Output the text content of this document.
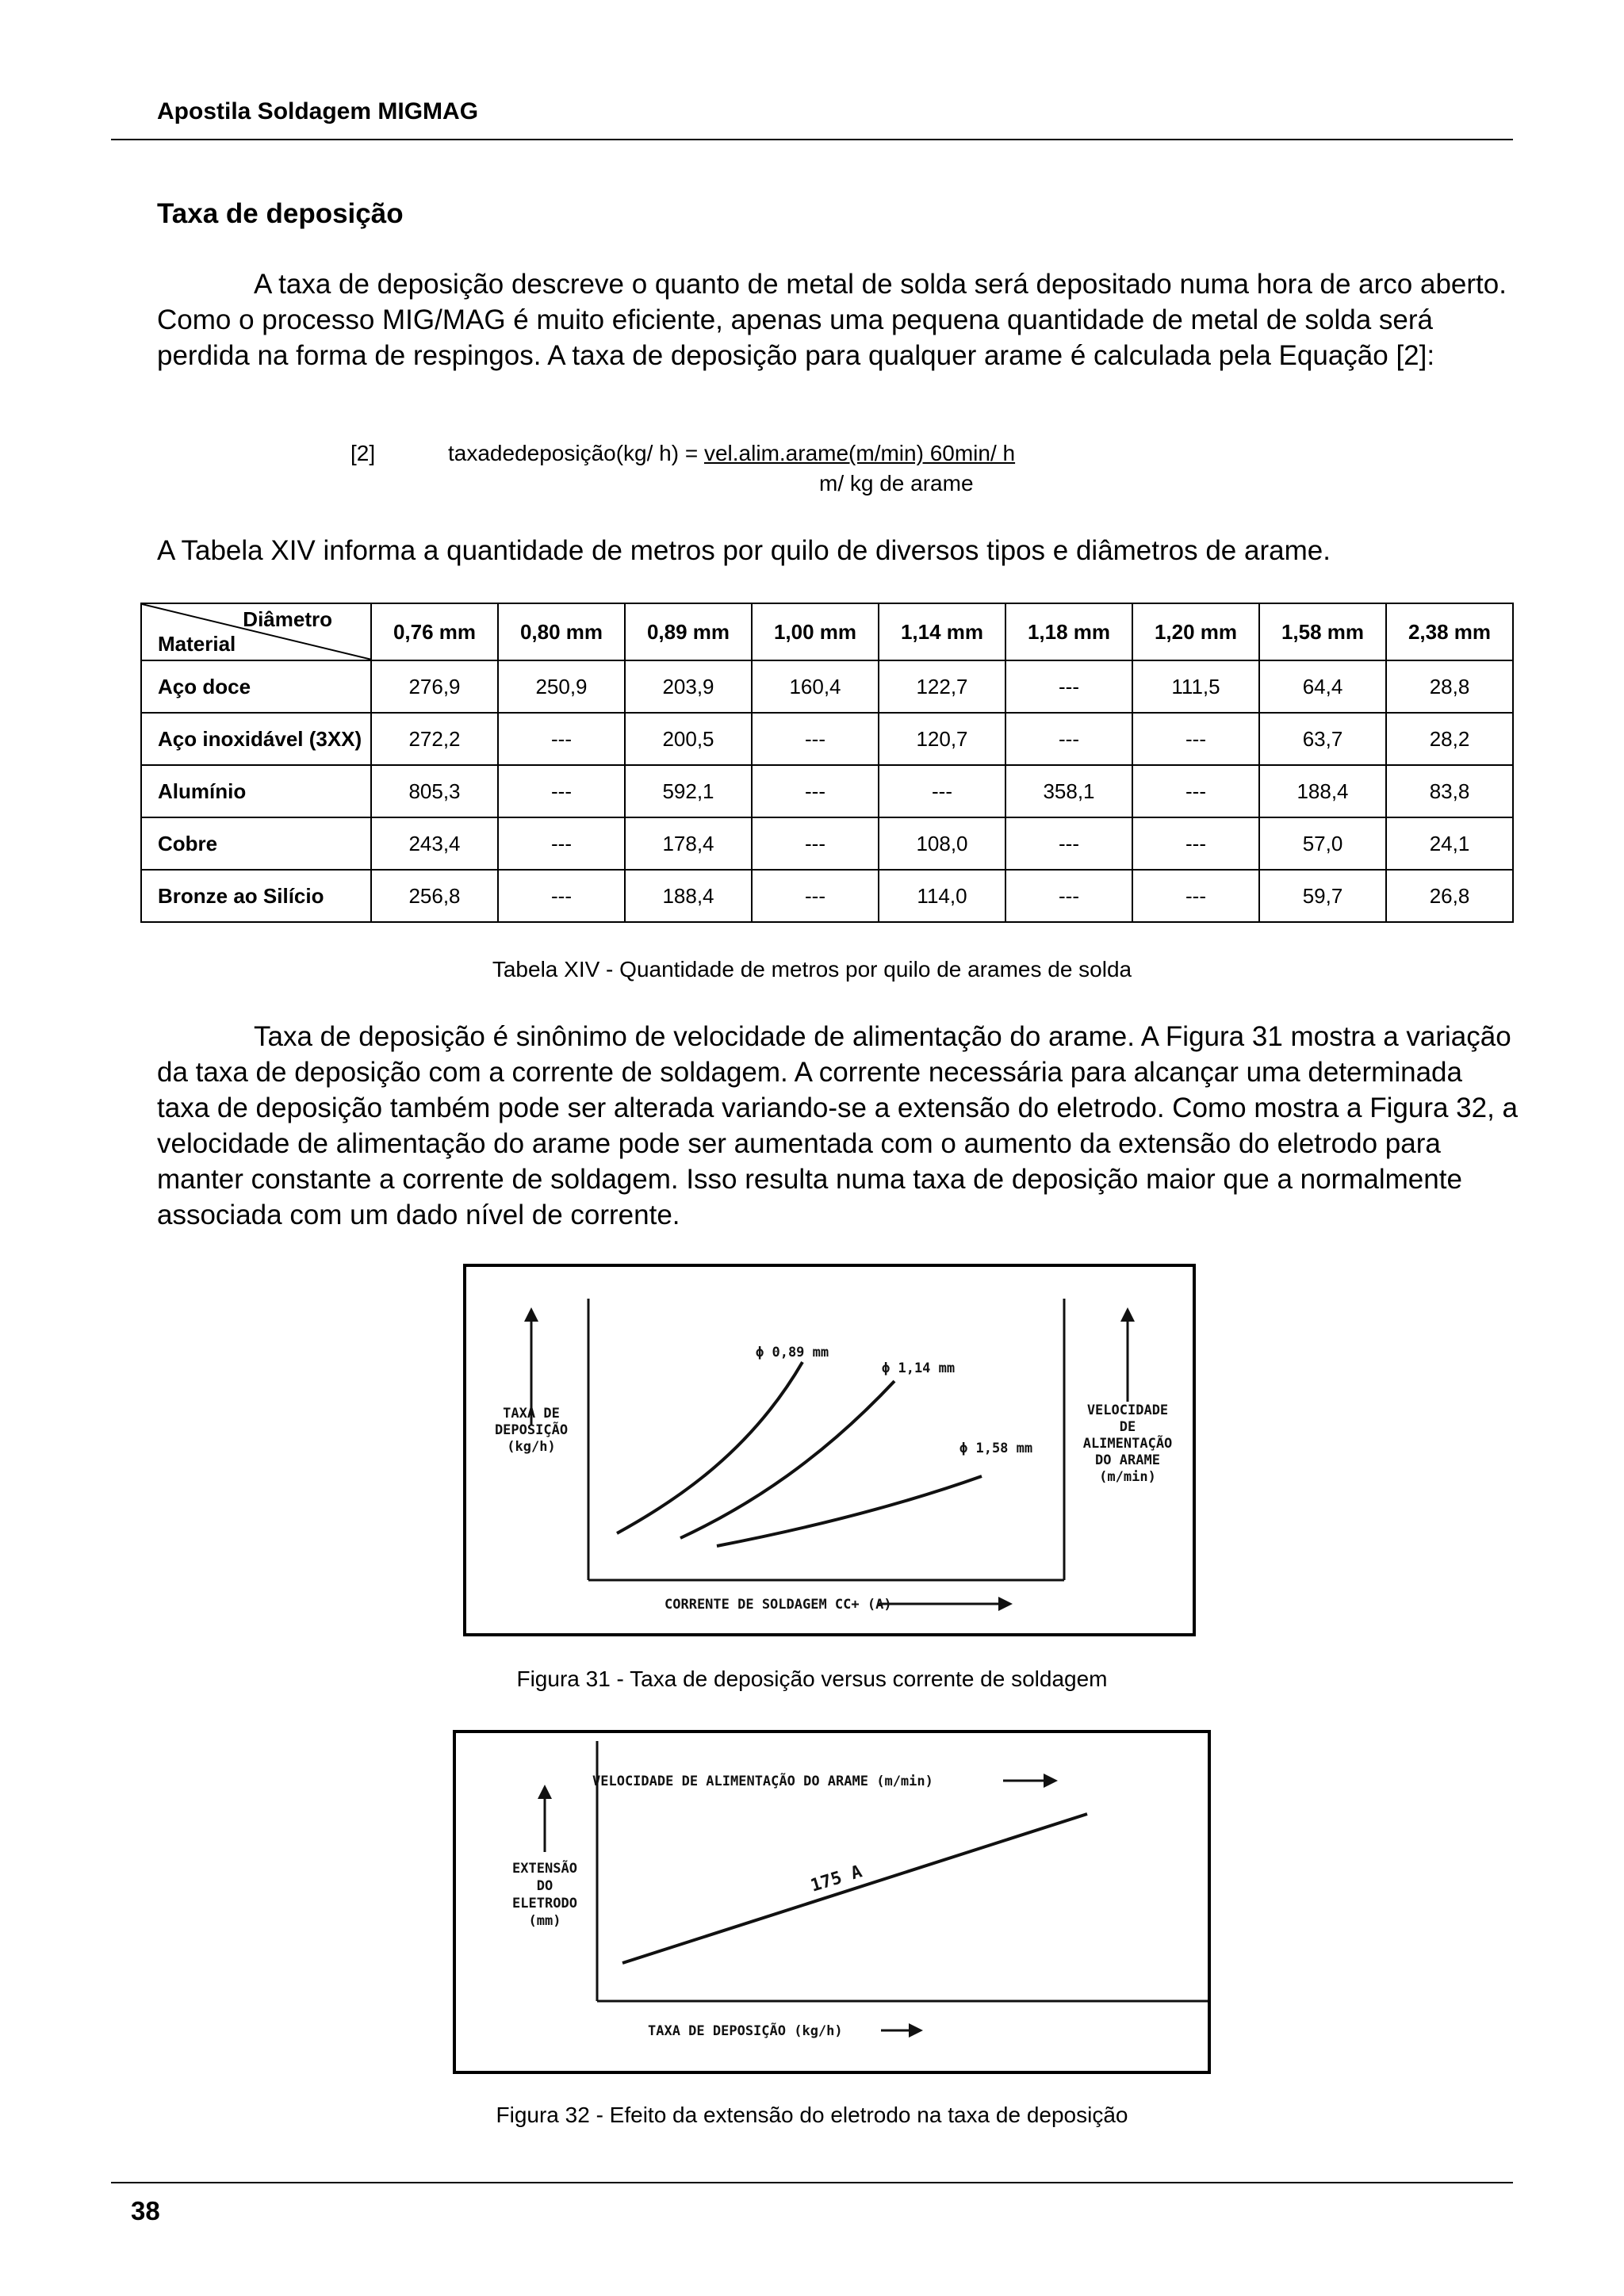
Apostila Soldagem MIGMAG
Taxa de deposição

A taxa de deposição descreve o quanto de metal de solda será depositado numa hora de arco aberto. Como o processo MIG/MAG é muito eficiente, apenas uma pequena quantidade de metal de solda será perdida na forma de respingos. A taxa de deposição para qualquer arame é calculada pela Equação [2]:

[2]	taxadedeposição(kg/ h) = vel.alim.arame(m/min) 60min/ h
m/ kg de arame
A Tabela XIV informa a quantidade de metros por quilo de diversos tipos e diâmetros de arame.
Diâmetro
Material	0,76 mm	0,80 mm	0,89 mm	1,00 mm	1,14 mm	1,18 mm	1,20 mm	1,58 mm	2,38 mm
Aço doce	276,9	250,9	203,9	160,4	122,7	---	111,5	64,4	28,8
Aço inoxidável (3XX)	272,2	---	200,5	---	120,7	---	---	63,7	28,2
Alumínio	805,3	---	592,1	---	---	358,1	---	188,4	83,8
Cobre	243,4	---	178,4	---	108,0	---	---	57,0	24,1
Bronze ao Silício	256,8	---	188,4	---	114,0	---	---	59,7	26,8
Tabela XIV - Quantidade de metros por quilo de arames de solda

Taxa de deposição é sinônimo de velocidade de alimentação do arame. A Figura 31 mostra a variação da taxa de deposição com a corrente de soldagem. A corrente necessária para alcançar uma determinada taxa de deposição também pode ser alterada variando-se a extensão do eletrodo. Como mostra a Figura 32, a velocidade de alimentação do arame pode ser aumentada com o aumento da extensão do eletrodo para manter constante a corrente de soldagem. Isso resulta numa taxa de deposição maior que a normalmente associada com um dado nível de corrente.

ϕ 0,89 mm
ϕ 1,14 mm
ϕ 1,58 mm
TAXA DE
DEPOSIÇÃO
(kg/h)
VELOCIDADE
DE
ALIMENTAÇÃO
DO ARAME
(m/min)
CORRENTE DE SOLDAGEM CC+ (A)
Figura 31 - Taxa de deposição versus corrente de soldagem
175 A
VELOCIDADE DE ALIMENTAÇÃO DO ARAME (m/min)
EXTENSÃO
DO
ELETRODO
(mm)
TAXA DE DEPOSIÇÃO (kg/h)
Figura 32 - Efeito da extensão do eletrodo na taxa de deposição
38
